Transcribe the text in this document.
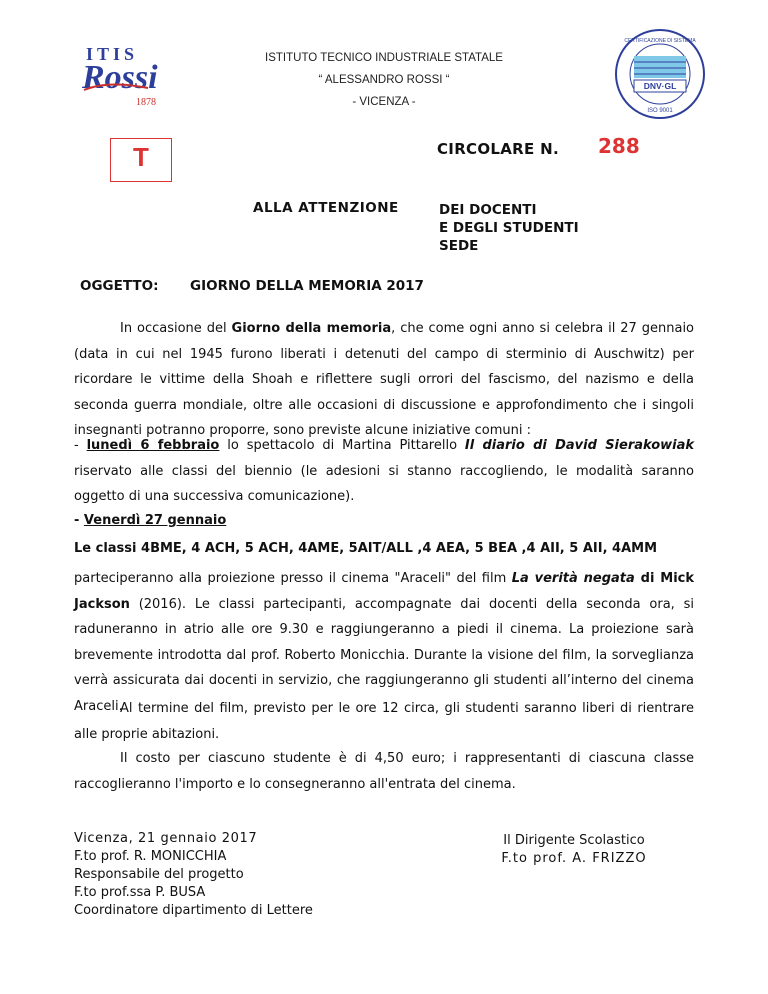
ITIS
Rossi
1878
ISTITUTO TECNICO INDUSTRIALE STATALE
“ ALESSANDRO ROSSI “
- VICENZA -
DNV·GL
ISO 9001
CERTIFICAZIONE DI SISTEMA
T	CIRCOLARE N. 288
ALLA ATTENZIONE	DEI DOCENTI
E DEGLI STUDENTI
SEDE
OGGETTO: GIORNO DELLA MEMORIA 2017
In occasione del Giorno della memoria, che come ogni anno si celebra il 27 gennaio (data in cui nel 1945 furono liberati i detenuti del campo di sterminio di Auschwitz) per ricordare le vittime della Shoah e riflettere sugli orrori del fascismo, del nazismo e della seconda guerra mondiale, oltre alle occasioni di discussione e approfondimento che i singoli insegnanti potranno proporre, sono previste alcune iniziative comuni :
- lunedì 6 febbraio lo spettacolo di Martina Pittarello Il diario di David Sierakowiak riservato alle classi del biennio (le adesioni si stanno raccogliendo, le modalità saranno oggetto di una successiva comunicazione).
- Venerdì 27 gennaio
Le classi 4BME, 4 ACH, 5 ACH, 4AME, 5AIT/ALL ,4 AEA, 5 BEA ,4 AII, 5 AII, 4AMM
parteciperanno alla proiezione presso il cinema "Araceli" del film La verità negata di Mick Jackson (2016). Le classi partecipanti, accompagnate dai docenti della seconda ora, si raduneranno in atrio alle ore 9.30 e raggiungeranno a piedi il cinema. La proiezione sarà brevemente introdotta dal prof. Roberto Monicchia. Durante la visione del film, la sorveglianza verrà assicurata dai docenti in servizio, che raggiungeranno gli studenti all’interno del cinema Araceli.
Al termine del film, previsto per le ore 12 circa, gli studenti saranno liberi di rientrare alle proprie abitazioni.
Il costo per ciascuno studente è di 4,50 euro; i rappresentanti di ciascuna classe raccoglieranno l'importo e lo consegneranno all'entrata del cinema.
Vicenza, 21 gennaio 2017
F.to prof. R. MONICCHIA
Responsabile del progetto
F.to prof.ssa P. BUSA
Coordinatore dipartimento di Lettere
Il Dirigente Scolastico
F.to prof. A. FRIZZO
